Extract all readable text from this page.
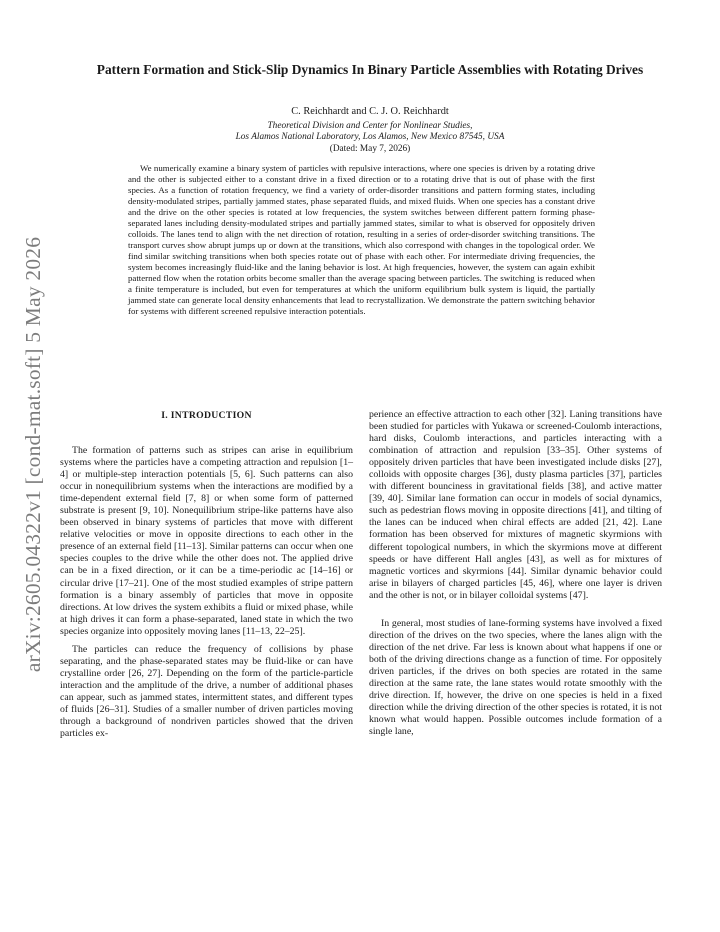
arXiv:2605.04322v1 [cond-mat.soft] 5 May 2026
Pattern Formation and Stick-Slip Dynamics In Binary Particle Assemblies with Rotating Drives
C. Reichhardt and C. J. O. Reichhardt
Theoretical Division and Center for Nonlinear Studies,
Los Alamos National Laboratory, Los Alamos, New Mexico 87545, USA
(Dated: May 7, 2026)

We numerically examine a binary system of particles with repulsive interactions, where one species is driven by a rotating drive and the other is subjected either to a constant drive in a fixed direction or to a rotating drive that is out of phase with the first species. As a function of rotation frequency, we find a variety of order-disorder transitions and pattern forming states, including density-modulated stripes, partially jammed states, phase separated fluids, and mixed fluids. When one species has a constant drive and the drive on the other species is rotated at low frequencies, the system switches between different pattern forming phase-separated lanes including density-modulated stripes and partially jammed states, similar to what is observed for oppositely driven colloids. The lanes tend to align with the net direction of rotation, resulting in a series of order-disorder switching transitions. The transport curves show abrupt jumps up or down at the transitions, which also correspond with changes in the topological order. We find similar switching transitions when both species rotate out of phase with each other. For intermediate driving frequencies, the system becomes increasingly fluid-like and the laning behavior is lost. At high frequencies, however, the system can again exhibit patterned flow when the rotation orbits become smaller than the average spacing between particles. The switching is reduced when a finite temperature is included, but even for temperatures at which the uniform equilibrium bulk system is liquid, the partially jammed state can generate local density enhancements that lead to recrystallization. We demonstrate the pattern switching behavior for systems with different screened repulsive interaction potentials.

I. INTRODUCTION

The formation of patterns such as stripes can arise in equilibrium systems where the particles have a competing attraction and repulsion [1–4] or multiple-step interaction potentials [5, 6]. Such patterns can also occur in nonequilibrium systems when the interactions are modified by a time-dependent external field [7, 8] or when some form of patterned substrate is present [9, 10]. Nonequilibrium stripe-like patterns have also been observed in binary systems of particles that move with different relative velocities or move in opposite directions to each other in the presence of an external field [11–13]. Similar patterns can occur when one species couples to the drive while the other does not. The applied drive can be in a fixed direction, or it can be a time-periodic ac [14–16] or circular drive [17–21]. One of the most studied examples of stripe pattern formation is a binary assembly of particles that move in opposite directions. At low drives the system exhibits a fluid or mixed phase, while at high drives it can form a phase-separated, laned state in which the two species organize into oppositely moving lanes [11–13, 22–25].

The particles can reduce the frequency of collisions by phase separating, and the phase-separated states may be fluid-like or can have crystalline order [26, 27]. Depending on the form of the particle-particle interaction and the amplitude of the drive, a number of additional phases can appear, such as jammed states, intermittent states, and different types of fluids [26–31]. Studies of a smaller number of driven particles moving through a background of nondriven particles showed that the driven particles ex-

perience an effective attraction to each other [32]. Laning transitions have been studied for particles with Yukawa or screened-Coulomb interactions, hard disks, Coulomb interactions, and particles interacting with a combination of attraction and repulsion [33–35]. Other systems of oppositely driven particles that have been investigated include disks [27], colloids with opposite charges [36], dusty plasma particles [37], particles with different bounciness in gravitational fields [38], and active matter [39, 40]. Similar lane formation can occur in models of social dynamics, such as pedestrian flows moving in opposite directions [41], and tilting of the lanes can be induced when chiral effects are added [21, 42]. Lane formation has been observed for mixtures of magnetic skyrmions with different topological numbers, in which the skyrmions move at different speeds or have different Hall angles [43], as well as for mixtures of magnetic vortices and skyrmions [44]. Similar dynamic behavior could arise in bilayers of charged particles [45, 46], where one layer is driven and the other is not, or in bilayer colloidal systems [47].

In general, most studies of lane-forming systems have involved a fixed direction of the drives on the two species, where the lanes align with the direction of the net drive. Far less is known about what happens if one or both of the driving directions change as a function of time. For oppositely driven particles, if the drives on both species are rotated in the same direction at the same rate, the lane states would rotate smoothly with the drive direction. If, however, the drive on one species is held in a fixed direction while the driving direction of the other species is rotated, it is not known what would happen. Possible outcomes include formation of a single lane,
